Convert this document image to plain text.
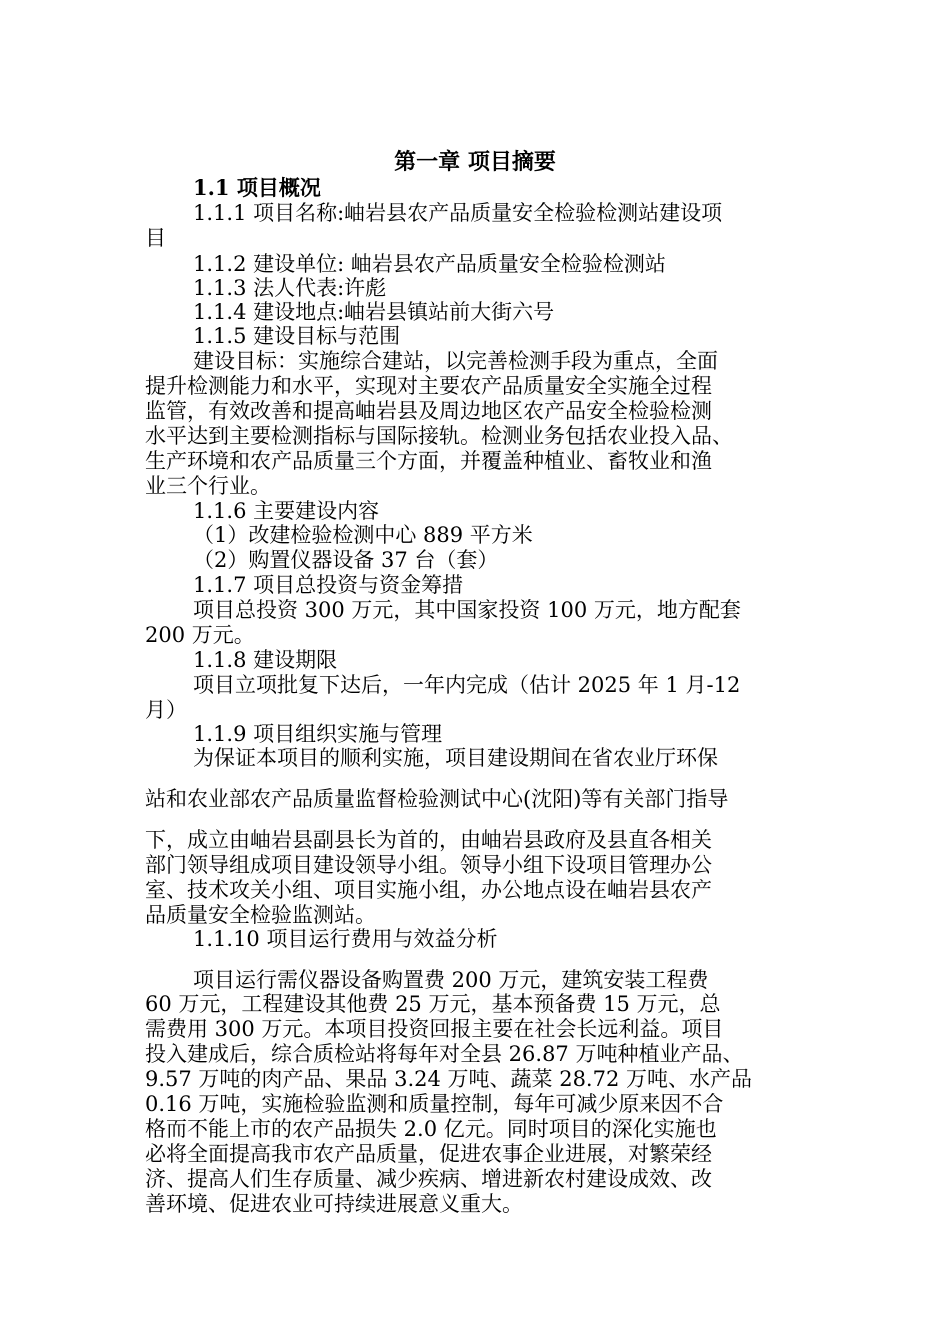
第一章 项目摘要

1.1 项目概况

1.1.1 项目名称:岫岩县农产品质量安全检验检测站建设项

目

1.1.2 建设单位: 岫岩县农产品质量安全检验检测站

1.1.3 法人代表:许彪

1.1.4 建设地点:岫岩县镇站前大街六号

1.1.5 建设目标与范围

建设目标：实施综合建站，以完善检测手段为重点，全面

提升检测能力和水平，实现对主要农产品质量安全实施全过程

监管，有效改善和提高岫岩县及周边地区农产品安全检验检测

水平达到主要检测指标与国际接轨。检测业务包括农业投入品、

生产环境和农产品质量三个方面，并覆盖种植业、畜牧业和渔

业三个行业。

1.1.6 主要建设内容

（1）改建检验检测中心 889 平方米

（2）购置仪器设备 37 台（套）

1.1.7 项目总投资与资金筹措

项目总投资 300 万元，其中国家投资 100 万元，地方配套

200 万元。

1.1.8 建设期限

项目立项批复下达后，一年内完成（估计 2025 年 1 月-12

月）

1.1.9 项目组织实施与管理

为保证本项目的顺利实施，项目建设期间在省农业厅环保

站和农业部农产品质量监督检验测试中心(沈阳)等有关部门指导

下，成立由岫岩县副县长为首的，由岫岩县政府及县直各相关

部门领导组成项目建设领导小组。领导小组下设项目管理办公

室、技术攻关小组、项目实施小组，办公地点设在岫岩县农产

品质量安全检验监测站。

1.1.10 项目运行费用与效益分析

项目运行需仪器设备购置费 200 万元，建筑安装工程费

60 万元，工程建设其他费 25 万元，基本预备费 15 万元，总

需费用 300 万元。本项目投资回报主要在社会长远利益。项目

投入建成后，综合质检站将每年对全县 26.87 万吨种植业产品、

9.57 万吨的肉产品、果品 3.24 万吨、蔬菜 28.72 万吨、水产品

0.16 万吨，实施检验监测和质量控制，每年可减少原来因不合

格而不能上市的农产品损失 2.0 亿元。同时项目的深化实施也

必将全面提高我市农产品质量，促进农事企业进展，对繁荣经

济、提高人们生存质量、减少疾病、增进新农村建设成效、改

善环境、促进农业可持续进展意义重大。
